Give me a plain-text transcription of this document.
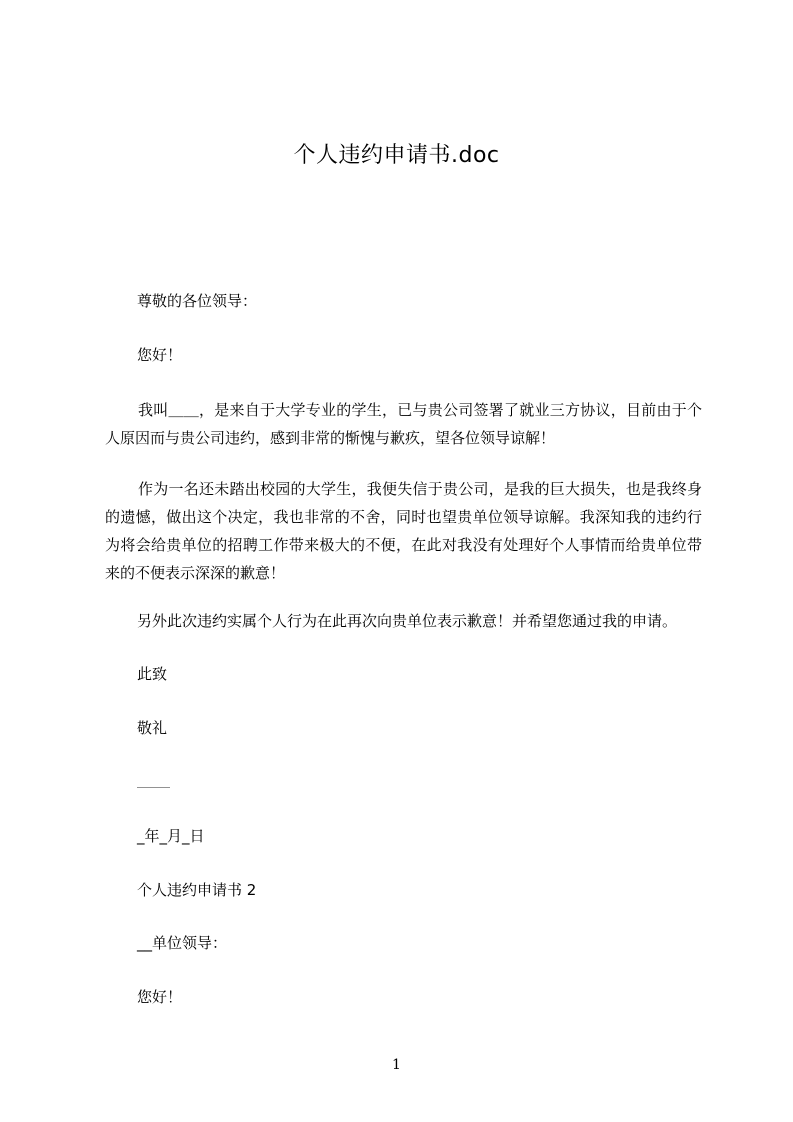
个人违约申请书.doc
尊敬的各位领导：
您好！
我叫＿＿，是来自于大学专业的学生，已与贵公司签署了就业三方协议，目前由于个人原因而与贵公司违约，感到非常的惭愧与歉疚，望各位领导谅解！
作为一名还未踏出校园的大学生，我便失信于贵公司，是我的巨大损失，也是我终身的遗憾，做出这个决定，我也非常的不舍，同时也望贵单位领导谅解。我深知我的违约行为将会给贵单位的招聘工作带来极大的不便，在此对我没有处理好个人事情而给贵单位带来的不便表示深深的歉意！
另外此次违约实属个人行为在此再次向贵单位表示歉意！并希望您通过我的申请。
此致
敬礼
＿＿＿
_年_月_日
个人违约申请书 2
__单位领导：
您好！
1
